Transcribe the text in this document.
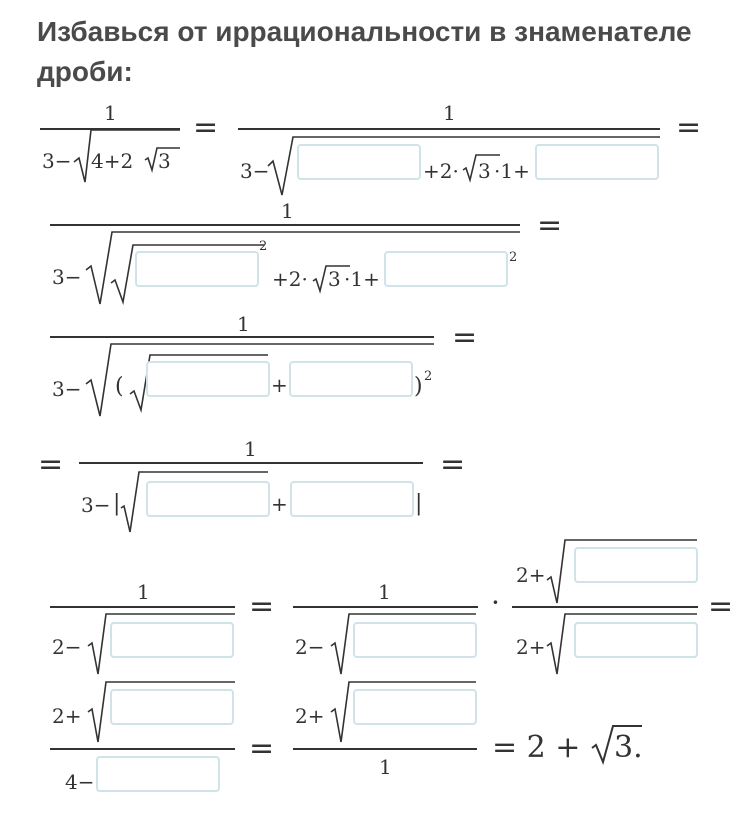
Избавься от иррациональности в знаменателе дроби:
1
3− 4+2 3
=	1
3−	+2· 3 ·1+
=
1
3−
2
+2· 3 ·1+
2
=
1
3− (	+	) 2
=
=	1
3− |	+	|
=
1
2−
=	1
2−
·
2+
2+
=
2+
4−
=
2+
1
= 2 + 3.
